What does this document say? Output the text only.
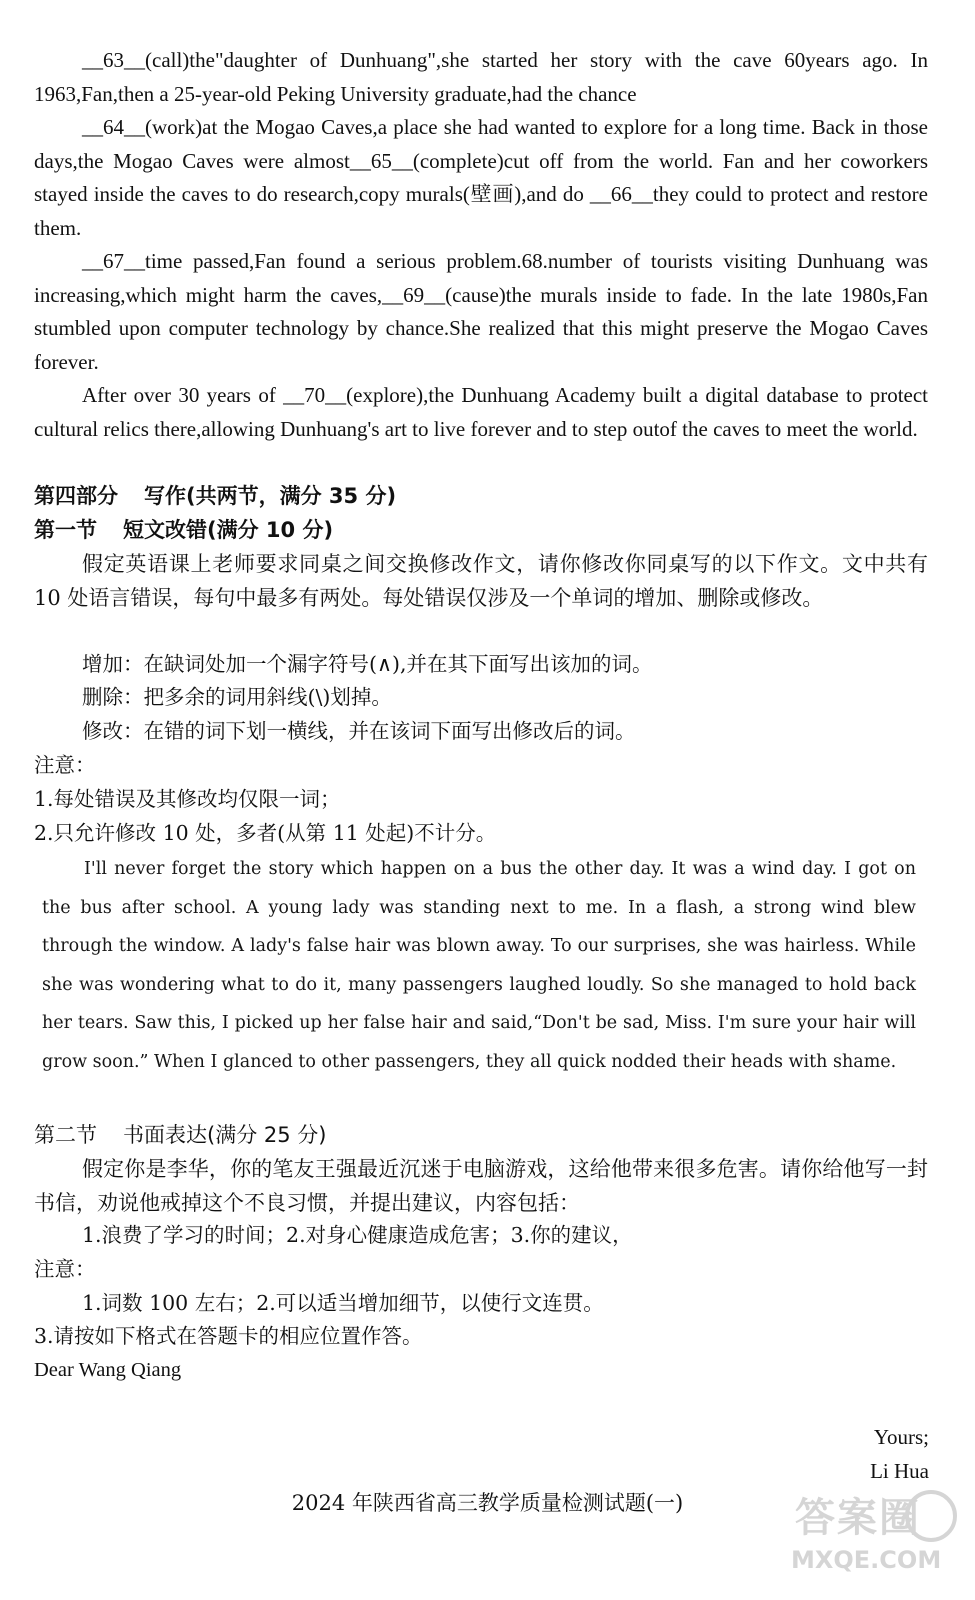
__63__(call)the"daughter of Dunhuang",she started her story with the cave 60years ago. In 1963,Fan,then a 25-year-old Peking University graduate,had the chance

__64__(work)at the Mogao Caves,a place she had wanted to explore for a long time. Back in those days,the Mogao Caves were almost__65__(complete)cut off from the world. Fan and her coworkers stayed inside the caves to do research,copy murals(壁画),and do __66__they could to protect and restore them.

__67__time passed,Fan found a serious problem.68.number of tourists visiting Dunhuang was increasing,which might harm the caves,__69__(cause)the murals inside to fade. In the late 1980s,Fan stumbled upon computer technology by chance.She realized that this might preserve the Mogao Caves forever.

After over 30 years of __70__(explore),the Dunhuang Academy built a digital database to protect cultural relics there,allowing Dunhuang's art to live forever and to step outof the caves to meet the world.

第四部分 写作(共两节，满分 35 分)

第一节 短文改错(满分 10 分)

假定英语课上老师要求同桌之间交换修改作文，请你修改你同桌写的以下作文。文中共有 10 处语言错误，每句中最多有两处。每处错误仅涉及一个单词的增加、删除或修改。

增加：在缺词处加一个漏字符号(∧),并在其下面写出该加的词。

删除：把多余的词用斜线(\)划掉。

修改：在错的词下划一横线，并在该词下面写出修改后的词。

注意：

1.每处错误及其修改均仅限一词；

2.只允许修改 10 处，多者(从第 11 处起)不计分。

I'll never forget the story which happen on a bus the other day. It was a wind day. I got on the bus after school. A young lady was standing next to me. In a flash, a strong wind blew through the window. A lady's false hair was blown away. To our surprises, she was hairless. While she was wondering what to do it, many passengers laughed loudly. So she managed to hold back her tears. Saw this, I picked up her false hair and said,“Don't be sad, Miss. I'm sure your hair will grow soon.” When I glanced to other passengers, they all quick nodded their heads with shame.

第二节 书面表达(满分 25 分)

假定你是李华，你的笔友王强最近沉迷于电脑游戏，这给他带来很多危害。请你给他写一封书信，劝说他戒掉这个不良习惯，并提出建议，内容包括：

1.浪费了学习的时间；2.对身心健康造成危害；3.你的建议，

注意：

1.词数 100 左右；2.可以适当增加细节，以使行文连贯。

3.请按如下格式在答题卡的相应位置作答。

Dear Wang Qiang

Yours;

Li Hua

2024 年陕西省高三教学质量检测试题(一)	答案圈
MXQE.COM
